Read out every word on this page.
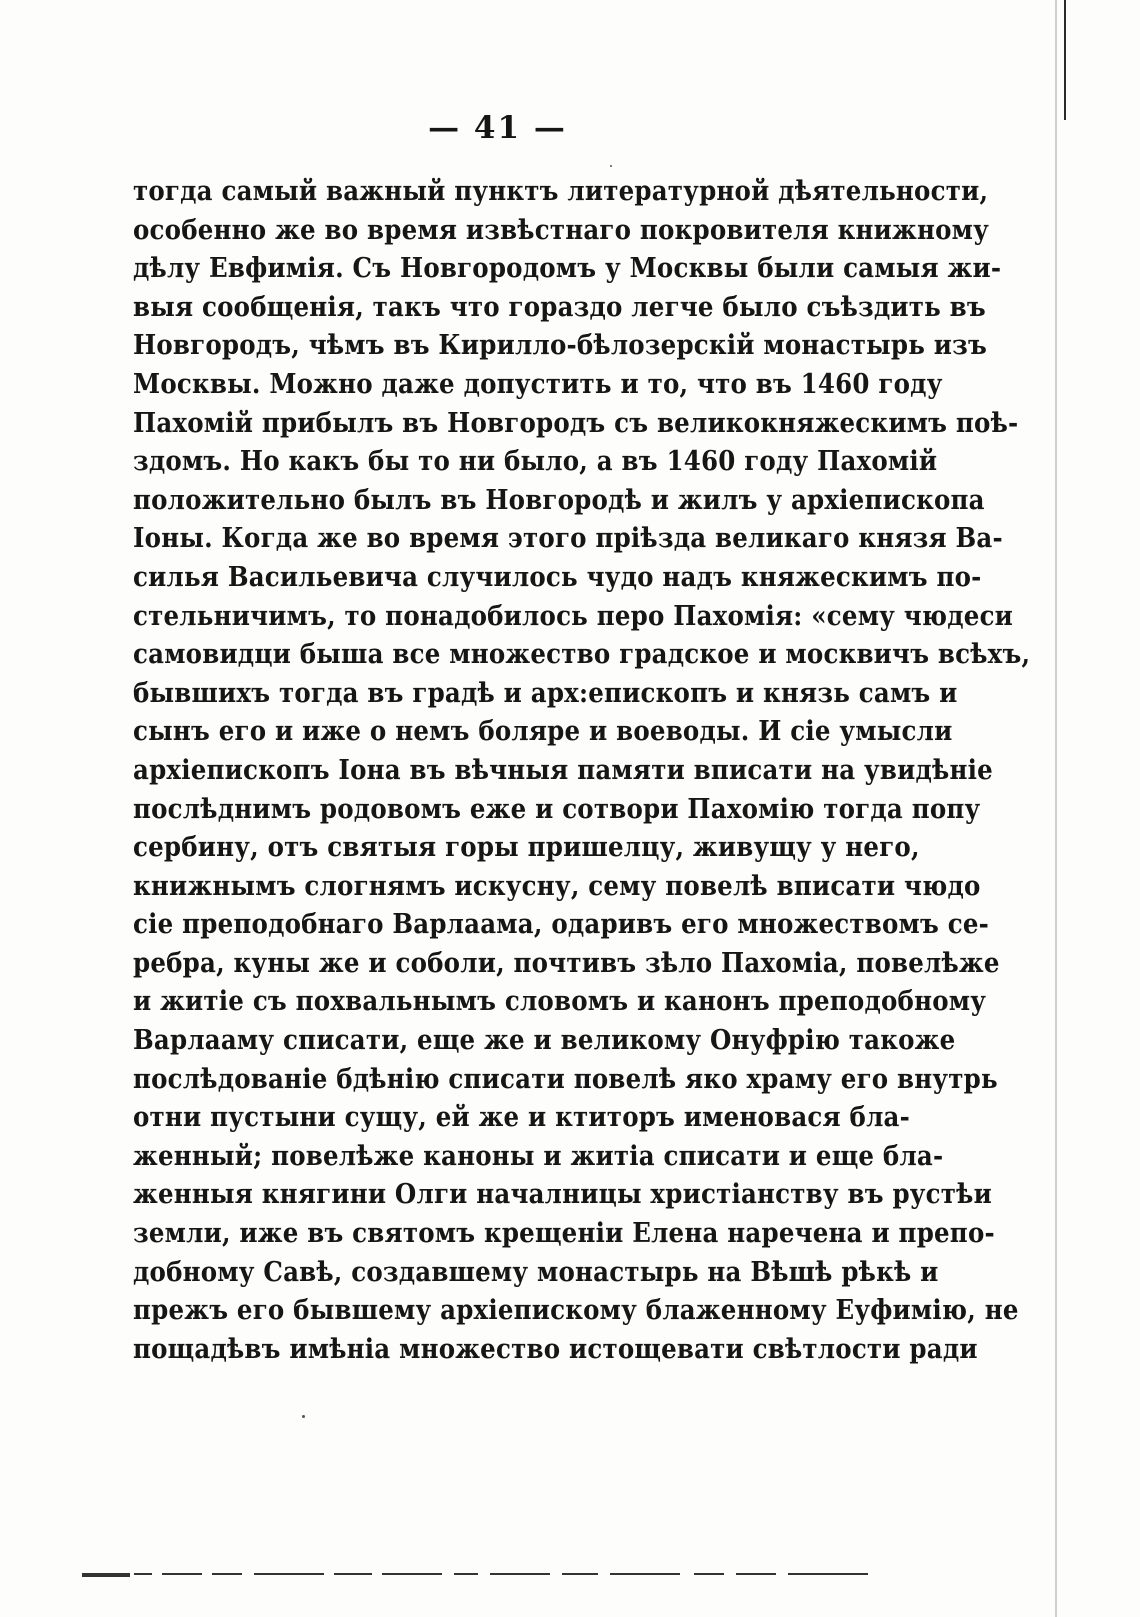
— 41 —
тогда самый важный пунктъ литературной дѣятельности,
особенно же во время извѣстнаго покровителя книжному
дѣлу Евфимія. Съ Новгородомъ у Москвы были самыя жи-
выя сообщенія, такъ что гораздо легче было съѣздить въ
Новгородъ, чѣмъ въ Кирилло-бѣлозерскій монастырь изъ
Москвы. Можно даже допустить и то, что въ 1460 году
Пахомій прибылъ въ Новгородъ съ великокняжескимъ поѣ-
здомъ. Но какъ бы то ни было, а въ 1460 году Пахомій
положительно былъ въ Новгородѣ и жилъ у архіепископа
Іоны. Когда же во время этого пріѣзда великаго князя Ва-
силья Васильевича случилось чудо надъ княжескимъ по-
стельничимъ, то понадобилось перо Пахомія: «сему чюдеси
самовидци быша все множество градское и москвичъ всѣхъ,
бывшихъ тогда въ градѣ и арх:епископъ и князь самъ и
сынъ его и иже о немъ боляре и воеводы. И сіе умысли
архіепископъ Іона въ вѣчныя памяти вписати на увидѣніе
послѣднимъ родовомъ еже и сотвори Пахомію тогда попу
сербину, отъ святыя горы пришелцу, живущу у него,
книжнымъ слогнямъ искусну, сему повелѣ вписати чюдо
сіе преподобнаго Варлаама, одаривъ его множествомъ се-
ребра, куны же и соболи, почтивъ зѣло Пахоміа, повелѣже
и житіе съ похвальнымъ словомъ и канонъ преподобному
Варлааму списати, еще же и великому Онуфрію такоже
послѣдованіе бдѣнію списати повелѣ яко храму его внутрь
отни пустыни сущу, ей же и ктиторъ именовася бла-
женный; повелѣже каноны и житіа списати и еще бла-
женныя княгини Олги началницы христіанству въ рустѣи
земли, иже въ святомъ крещеніи Елена наречена и препо-
добному Савѣ, создавшему монастырь на Вѣшѣ рѣкѣ и
прежъ его бывшему архіепискому блаженному Еуфимію, не
пощадѣвъ имѣніа множество истощевати свѣтлости ради
